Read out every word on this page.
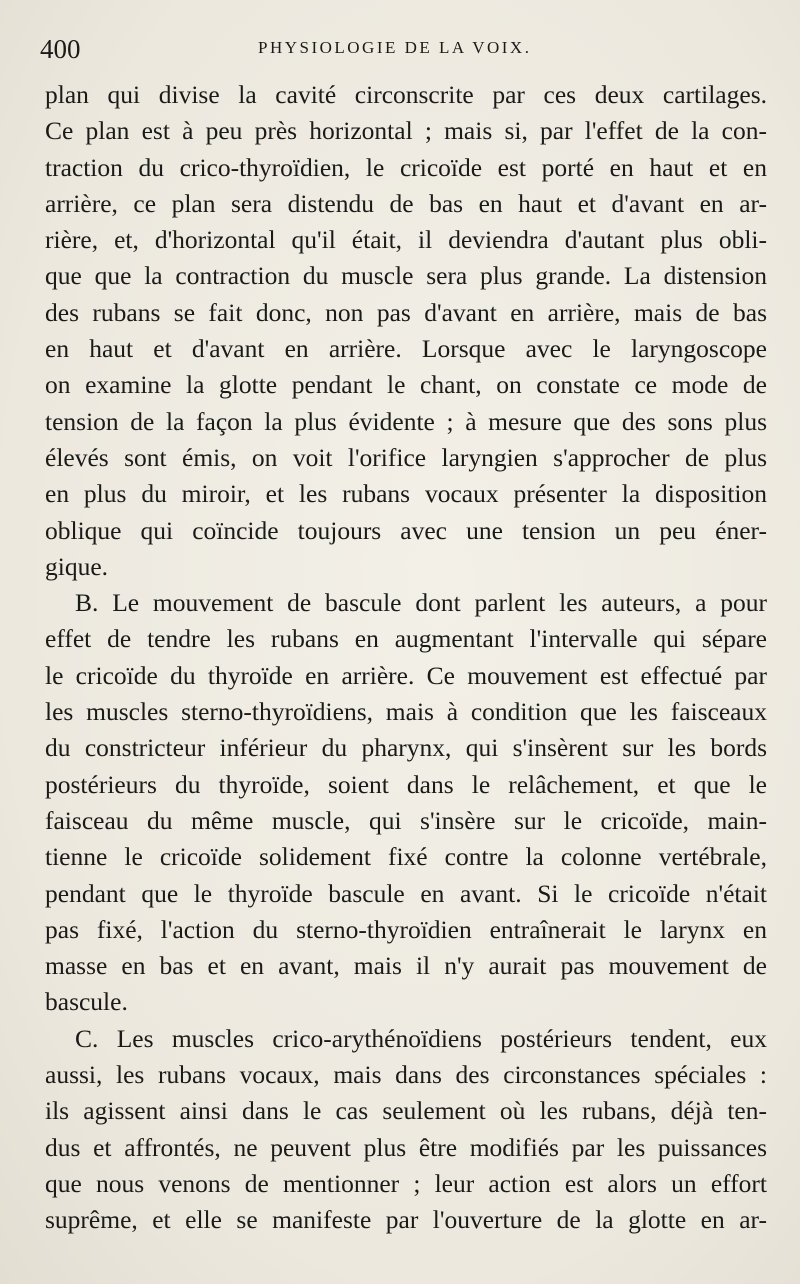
400	PHYSIOLOGIE DE LA VOIX.
plan qui divise la cavité circonscrite par ces deux cartilages.
Ce plan est à peu près horizontal ; mais si, par l'effet de la con-
traction du crico-thyroïdien, le cricoïde est porté en haut et en
arrière, ce plan sera distendu de bas en haut et d'avant en ar-
rière, et, d'horizontal qu'il était, il deviendra d'autant plus obli-
que que la contraction du muscle sera plus grande. La distension
des rubans se fait donc, non pas d'avant en arrière, mais de bas
en haut et d'avant en arrière. Lorsque avec le laryngoscope
on examine la glotte pendant le chant, on constate ce mode de
tension de la façon la plus évidente ; à mesure que des sons plus
élevés sont émis, on voit l'orifice laryngien s'approcher de plus
en plus du miroir, et les rubans vocaux présenter la disposition
oblique qui coïncide toujours avec une tension un peu éner-
gique.
B. Le mouvement de bascule dont parlent les auteurs, a pour
effet de tendre les rubans en augmentant l'intervalle qui sépare
le cricoïde du thyroïde en arrière. Ce mouvement est effectué par
les muscles sterno-thyroïdiens, mais à condition que les faisceaux
du constricteur inférieur du pharynx, qui s'insèrent sur les bords
postérieurs du thyroïde, soient dans le relâchement, et que le
faisceau du même muscle, qui s'insère sur le cricoïde, main-
tienne le cricoïde solidement fixé contre la colonne vertébrale,
pendant que le thyroïde bascule en avant. Si le cricoïde n'était
pas fixé, l'action du sterno-thyroïdien entraînerait le larynx en
masse en bas et en avant, mais il n'y aurait pas mouvement de
bascule.
C. Les muscles crico-arythénoïdiens postérieurs tendent, eux
aussi, les rubans vocaux, mais dans des circonstances spéciales :
ils agissent ainsi dans le cas seulement où les rubans, déjà ten-
dus et affrontés, ne peuvent plus être modifiés par les puissances
que nous venons de mentionner ; leur action est alors un effort
suprême, et elle se manifeste par l'ouverture de la glotte en ar-
